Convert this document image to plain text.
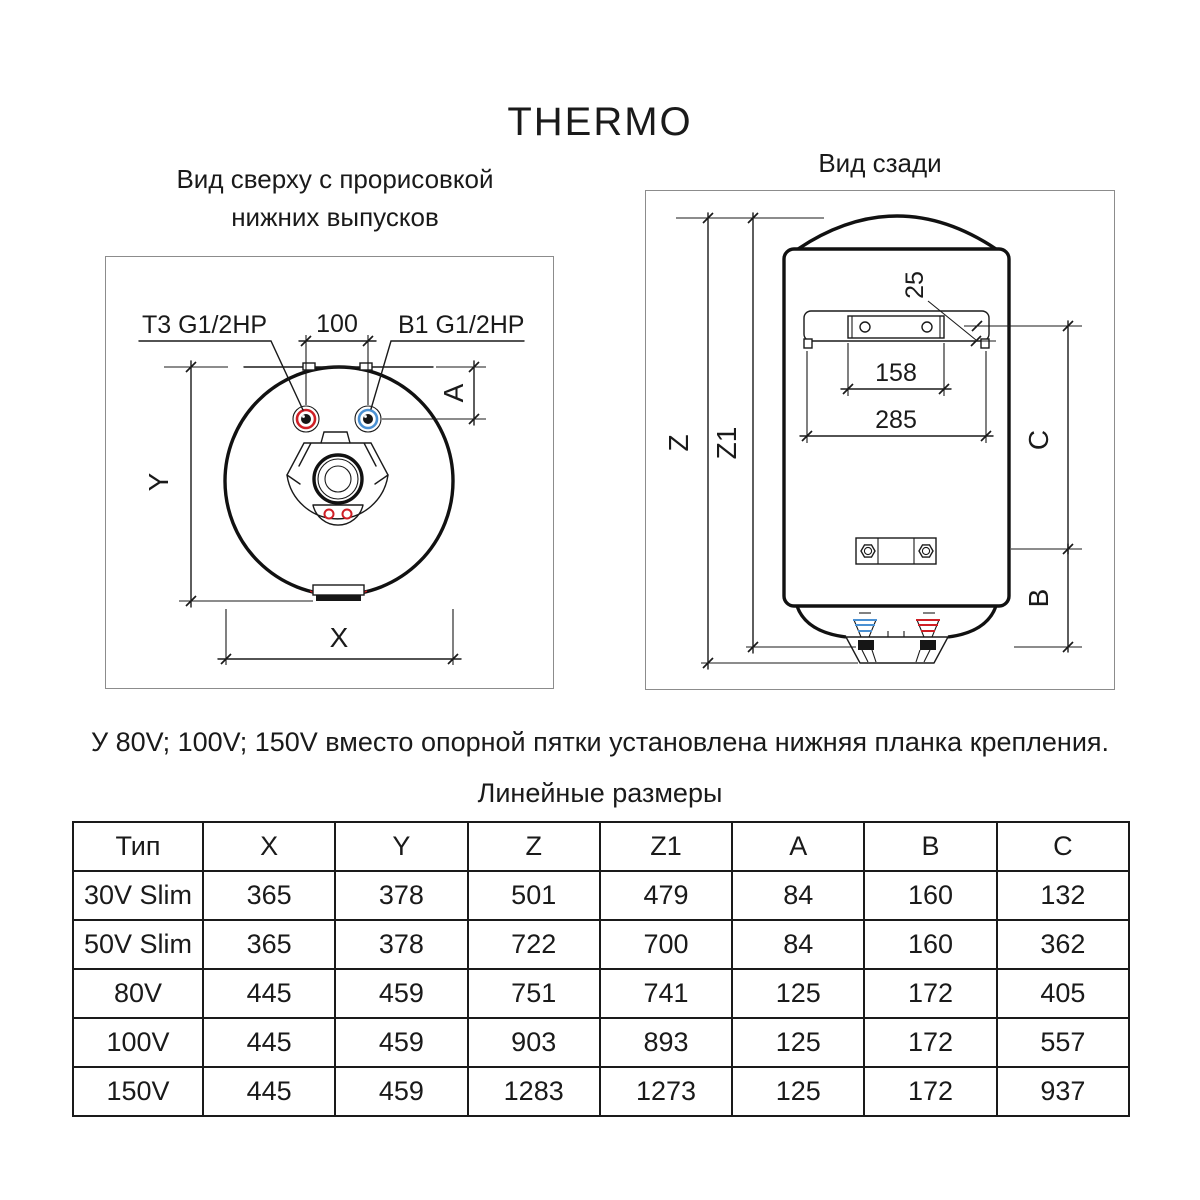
THERMO
Вид сверху с прорисовкой
нижних выпусков
Вид сзади
100
T3 G1/2HP	B1 G1/2HP
A
Y
X
Z Z1
25
158
285
C
B
У 80V; 100V; 150V вместо опорной пятки установлена нижняя планка крепления.
Линейные размеры
Тип	X	Y	Z	Z1	A	B	C
30V Slim	365	378	501	479	84	160	132
50V Slim	365	378	722	700	84	160	362
80V	445	459	751	741	125	172	405
100V	445	459	903	893	125	172	557
150V	445	459	1283	1273	125	172	937
